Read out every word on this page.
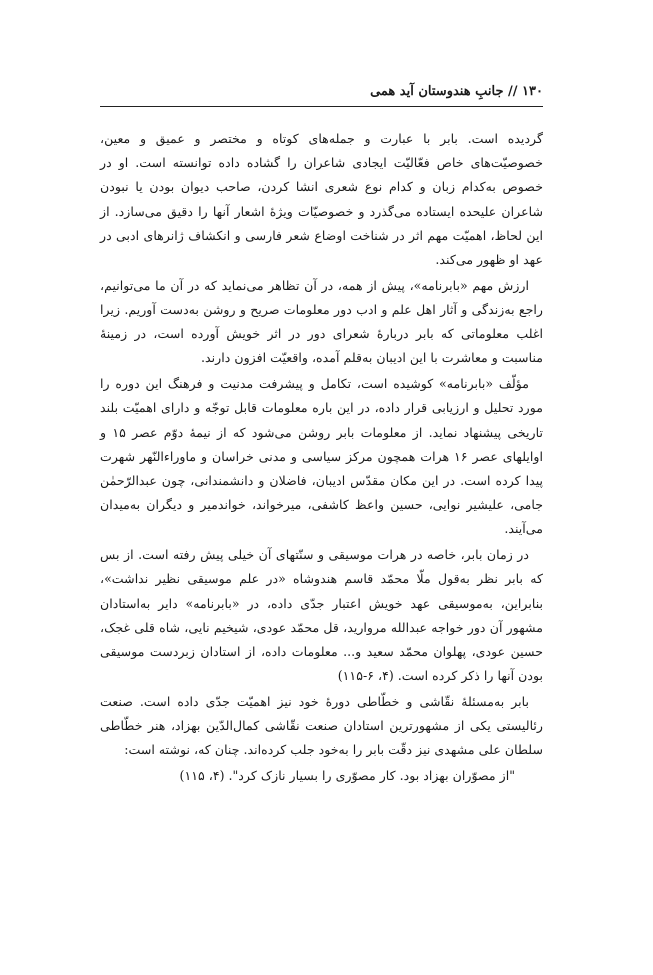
۱۳۰ // جانبِ هندوستان آید همی

گردیده است. بابر با عبارت و جمله‌های کوتاه و مختصر و عمیق و معین، خصوصیّت‌های خاص فعّالیّت ایجادی شاعران را گشاده داده توانسته است. او در خصوص به‌کدام زبان و کدام نوع شعری انشا کردن، صاحب دیوان بودن یا نبودن شاعران علیحده ایستاده می‌گذرد و خصوصیّات ویژهٔ اشعار آنها را دقیق می‌سازد. از این لحاظ، اهمیّت مهم اثر در شناخت اوضاع شعر فارسی و انکشاف ژانرهای ادبی در عهد او ظهور می‌کند.

ارزش مهم «بابرنامه»، پیش از همه، در آن تظاهر می‌نماید که در آن ما می‌توانیم، راجع به‌زندگی و آثار اهل علم و ادب دور معلومات صریح و روشن به‌دست آوریم. زیرا اغلب معلوماتی که بابر دربارهٔ شعرای دور در اثر خویش آورده است، در زمینهٔ مناسبت و معاشرت با این ادیبان به‌قلم آمده، واقعیّت افزون دارند.

مؤلّف «بابرنامه» کوشیده است، تکامل و پیشرفت مدنیت و فرهنگ این دوره را مورد تحلیل و ارزیابی قرار داده، در این باره معلومات قابل توجّه و دارای اهمیّت بلند تاریخی پیشنهاد نماید. از معلومات بابر روشن می‌شود که از نیمهٔ دوّم عصر ۱۵ و اوایلهای عصر ۱۶ هرات همچون مرکز سیاسی و مدنی خراسان و ماوراءالنّهر شهرت پیدا کرده است. در این مکان مقدّس ادیبان، فاضلان و دانشمندانی، چون عبدالرّحمٰن جامی، علیشیر نوایی، حسین واعظ کاشفی، میرخواند، خواندمیر و دیگران به‌میدان می‌آیند.

در زمان بابر، خاصه در هرات موسیقی و سنّتهای آن خیلی پیش رفته است. از بس که بابر نظر به‌قول ملّا محمّد قاسم هندوشاه «در علم موسیقی نظیر نداشت»، بنابراین، به‌موسیقی عهد خویش اعتبار جدّی داده، در «بابرنامه» دایر به‌استادان مشهور آن دور خواجه عبدالله مروارید، قل محمّد عودی، شیخیم نایی، شاه قلی غجک، حسین عودی، پهلوان محمّد سعید و... معلومات داده، از استادان زبردست موسیقی بودن آنها را ذکر کرده است. (۴، ۶-۱۱۵)

بابر به‌مسئلهٔ نقّاشی و خطّاطی دورهٔ خود نیز اهمیّت جدّی داده است. صنعت رئالیستی یکی از مشهورترین استادان صنعت نقّاشی کمال‌الدّین بهزاد، هنر خطّاطی سلطان علی مشهدی نیز دقّت بابر را به‌خود جلب کرده‌اند. چنان که، نوشته است:

"از مصوّران بهزاد بود. کار مصوّری را بسیار نازک کرد". (۴، ۱۱۵)
